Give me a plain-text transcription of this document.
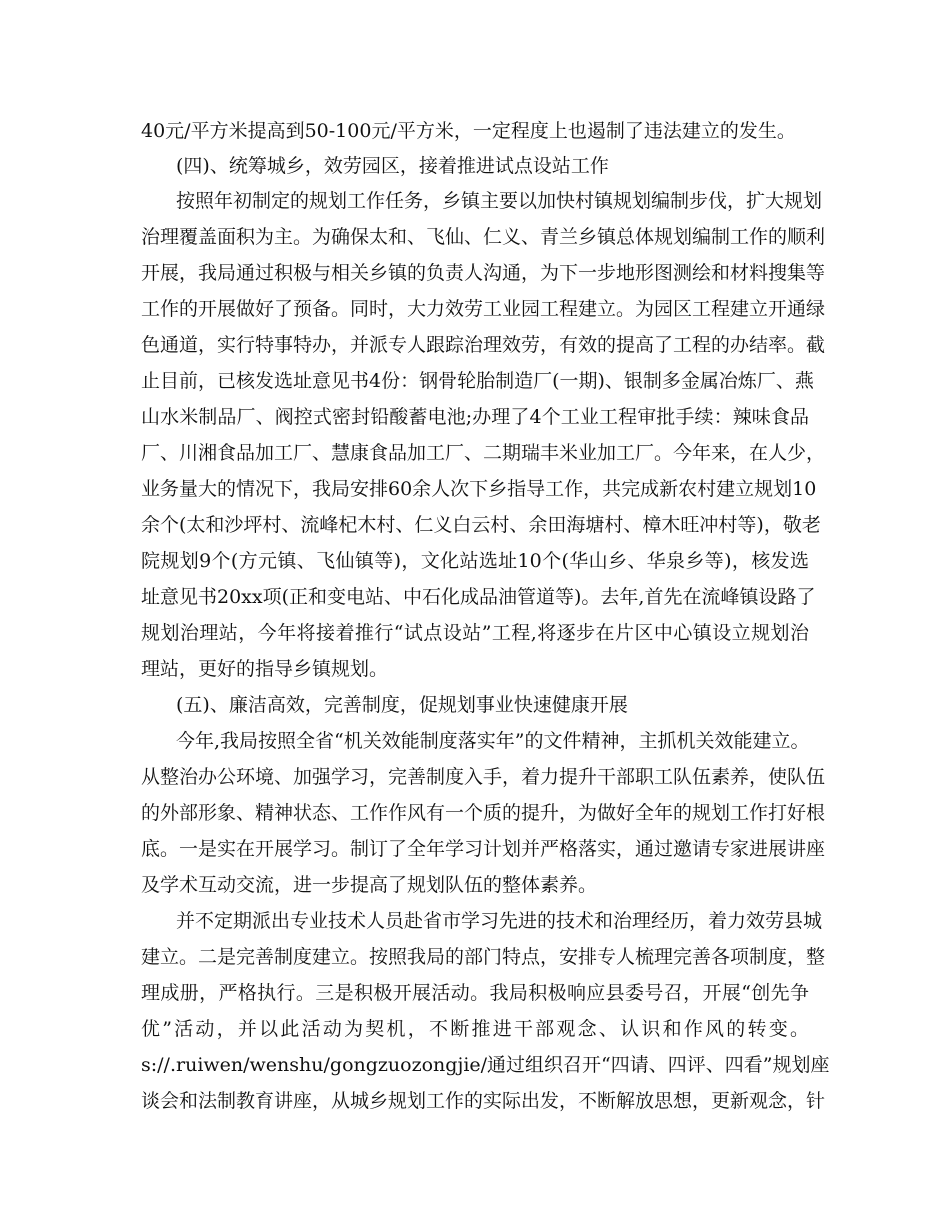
40元/平方米提高到50-100元/平方米，一定程度上也遏制了违法建立的发生。
(四)、统筹城乡，效劳园区，接着推进试点设站工作
按照年初制定的规划工作任务，乡镇主要以加快村镇规划编制步伐，扩大规划
治理覆盖面积为主。为确保太和、飞仙、仁义、青兰乡镇总体规划编制工作的顺利
开展，我局通过积极与相关乡镇的负责人沟通，为下一步地形图测绘和材料搜集等
工作的开展做好了预备。同时，大力效劳工业园工程建立。为园区工程建立开通绿
色通道，实行特事特办，并派专人跟踪治理效劳，有效的提高了工程的办结率。截
止目前，已核发选址意见书4份：钢骨轮胎制造厂(一期)、银制多金属冶炼厂、燕
山水米制品厂、阀控式密封铅酸蓄电池;办理了4个工业工程审批手续：辣味食品
厂、川湘食品加工厂、慧康食品加工厂、二期瑞丰米业加工厂。今年来，在人少，
业务量大的情况下，我局安排60余人次下乡指导工作，共完成新农村建立规划10
余个(太和沙坪村、流峰杞木村、仁义白云村、余田海塘村、樟木旺冲村等)，敬老
院规划9个(方元镇、飞仙镇等)，文化站选址10个(华山乡、华泉乡等)，核发选
址意见书20xx项(正和变电站、中石化成品油管道等)。去年,首先在流峰镇设路了
规划治理站，今年将接着推行“试点设站”工程,将逐步在片区中心镇设立规划治
理站，更好的指导乡镇规划。
(五)、廉洁高效，完善制度，促规划事业快速健康开展
今年,我局按照全省“机关效能制度落实年”的文件精神，主抓机关效能建立。
从整治办公环境、加强学习，完善制度入手，着力提升干部职工队伍素养，使队伍
的外部形象、精神状态、工作作风有一个质的提升，为做好全年的规划工作打好根
底。一是实在开展学习。制订了全年学习计划并严格落实，通过邀请专家进展讲座
及学术互动交流，进一步提高了规划队伍的整体素养。
并不定期派出专业技术人员赴省市学习先进的技术和治理经历，着力效劳县城
建立。二是完善制度建立。按照我局的部门特点，安排专人梳理完善各项制度，整
理成册，严格执行。三是积极开展活动。我局积极响应县委号召，开展“创先争
优”活动，并以此活动为契机，不断推进干部观念、认识和作风的转变。
s://.ruiwen/wenshu/gongzuozongjie/通过组织召开“四请、四评、四看”规划座
谈会和法制教育讲座，从城乡规划工作的实际出发，不断解放思想，更新观念，针
